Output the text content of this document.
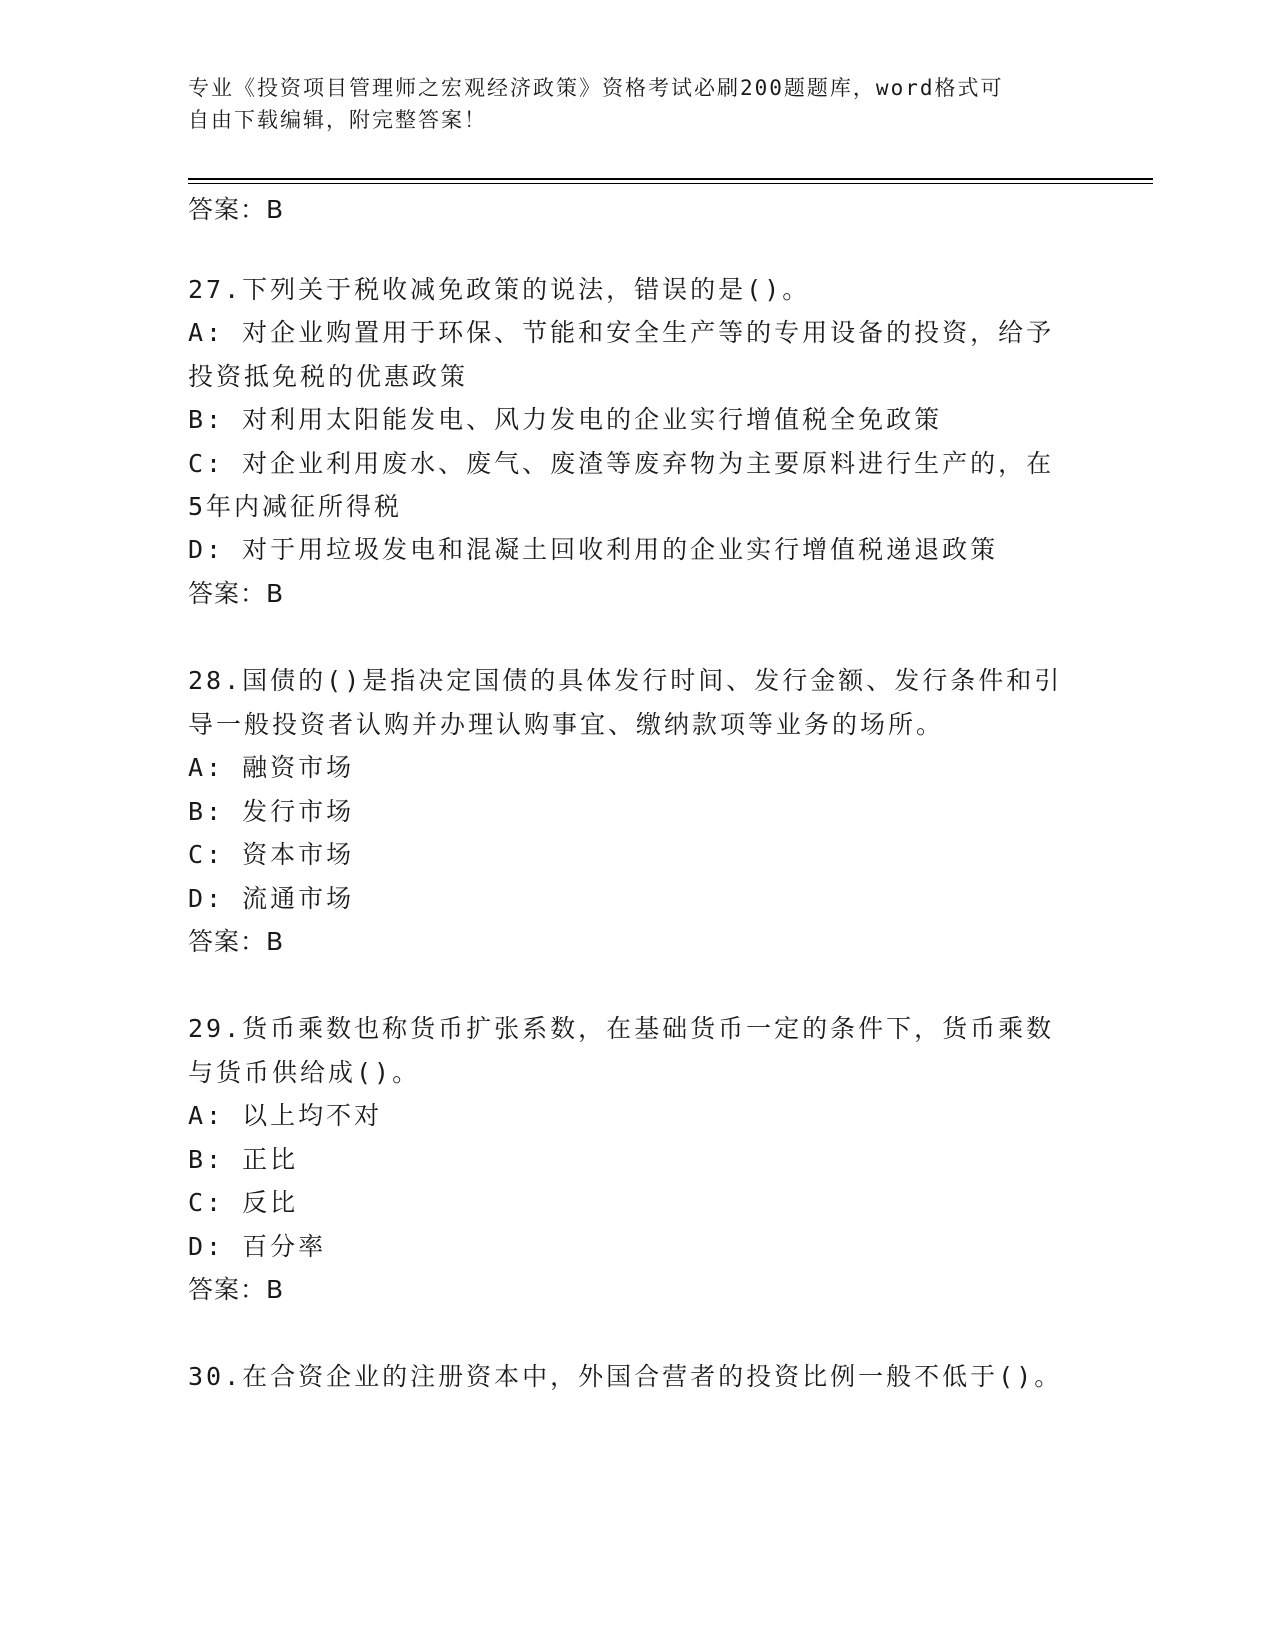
专业《投资项目管理师之宏观经济政策》资格考试必刷200题题库，word格式可
自由下载编辑，附完整答案！
答案：B
27.下列关于税收减免政策的说法，错误的是()。
A: 对企业购置用于环保、节能和安全生产等的专用设备的投资，给予
投资抵免税的优惠政策
B: 对利用太阳能发电、风力发电的企业实行增值税全免政策
C: 对企业利用废水、废气、废渣等废弃物为主要原料进行生产的，在
5年内减征所得税
D: 对于用垃圾发电和混凝土回收利用的企业实行增值税递退政策
答案：B
28.国债的()是指决定国债的具体发行时间、发行金额、发行条件和引
导一般投资者认购并办理认购事宜、缴纳款项等业务的场所。
A: 融资市场
B: 发行市场
C: 资本市场
D: 流通市场
答案：B
29.货币乘数也称货币扩张系数，在基础货币一定的条件下，货币乘数
与货币供给成()。
A: 以上均不对
B: 正比
C: 反比
D: 百分率
答案：B
30.在合资企业的注册资本中，外国合营者的投资比例一般不低于()。
